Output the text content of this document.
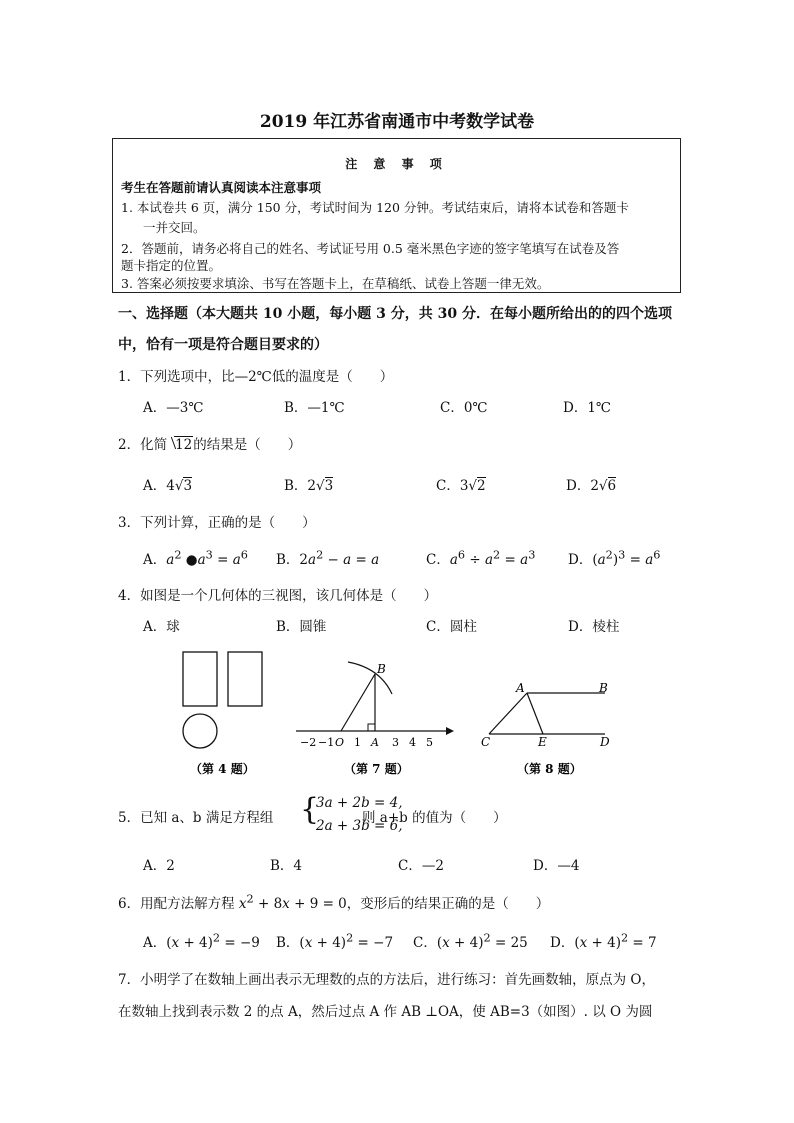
2019 年江苏省南通市中考数学试卷
注 意 事 项
考生在答题前请认真阅读本注意事项
1. 本试卷共 6 页，满分 150 分，考试时间为 120 分钟。考试结束后，请将本试卷和答题卡
一并交回。
2．答题前，请务必将自己的姓名、考试证号用 0.5 毫米黑色字迹的签字笔填写在试卷及答
题卡指定的位置。
3. 答案必须按要求填涂、书写在答题卡上，在草稿纸、试卷上答题一律无效。
一、选择题（本大题共 10 小题，每小题 3 分，共 30 分．在每小题所给出的的四个选项
中，恰有一项是符合题目要求的）
1．下列选项中，比—2℃低的温度是（　　）
A．—3℃	B．—1℃	C．0℃	D．1℃
2．化简 12的结果是（　　）
A．4√3	B．2√3	C．3√2	D．2√6
3．下列计算，正确的是（　　）
A．$a^2$ $●a^3 = a^6$ B．$2a^2 - a = a$	C．$a^6 \div a^2 = a^3$ D．$(a^2)^3 = a^6$
4．如图是一个几何体的三视图，该几何体是（　　）
A．球	B．圆锥	C．圆柱	D．棱柱
B
−2 −1 O 1 A 3 4 5
A	B
C	E	D
（第 4 题）	（第 7 题）	（第 8 题）
5．已知 a、b 满足方程组 {
3a + 2b = 4,
2a + 3b = 6,
则 a+b 的值为（　　）
A．2	B．4	C．—2	D．—4
6．用配方法解方程 $x^2 + 8x + 9 = 0$，变形后的结果正确的是（　　）
A．$(x + 4)^2 = -9$ B．$(x + 4)^2 = -7$ C．$(x + 4)^2 = 25$ D．$(x + 4)^2 = 7$
7．小明学了在数轴上画出表示无理数的点的方法后，进行练习：首先画数轴，原点为 O，
在数轴上找到表示数 2 的点 A，然后过点 A 作 AB ⊥OA，使 AB=3（如图）. 以 O 为圆
